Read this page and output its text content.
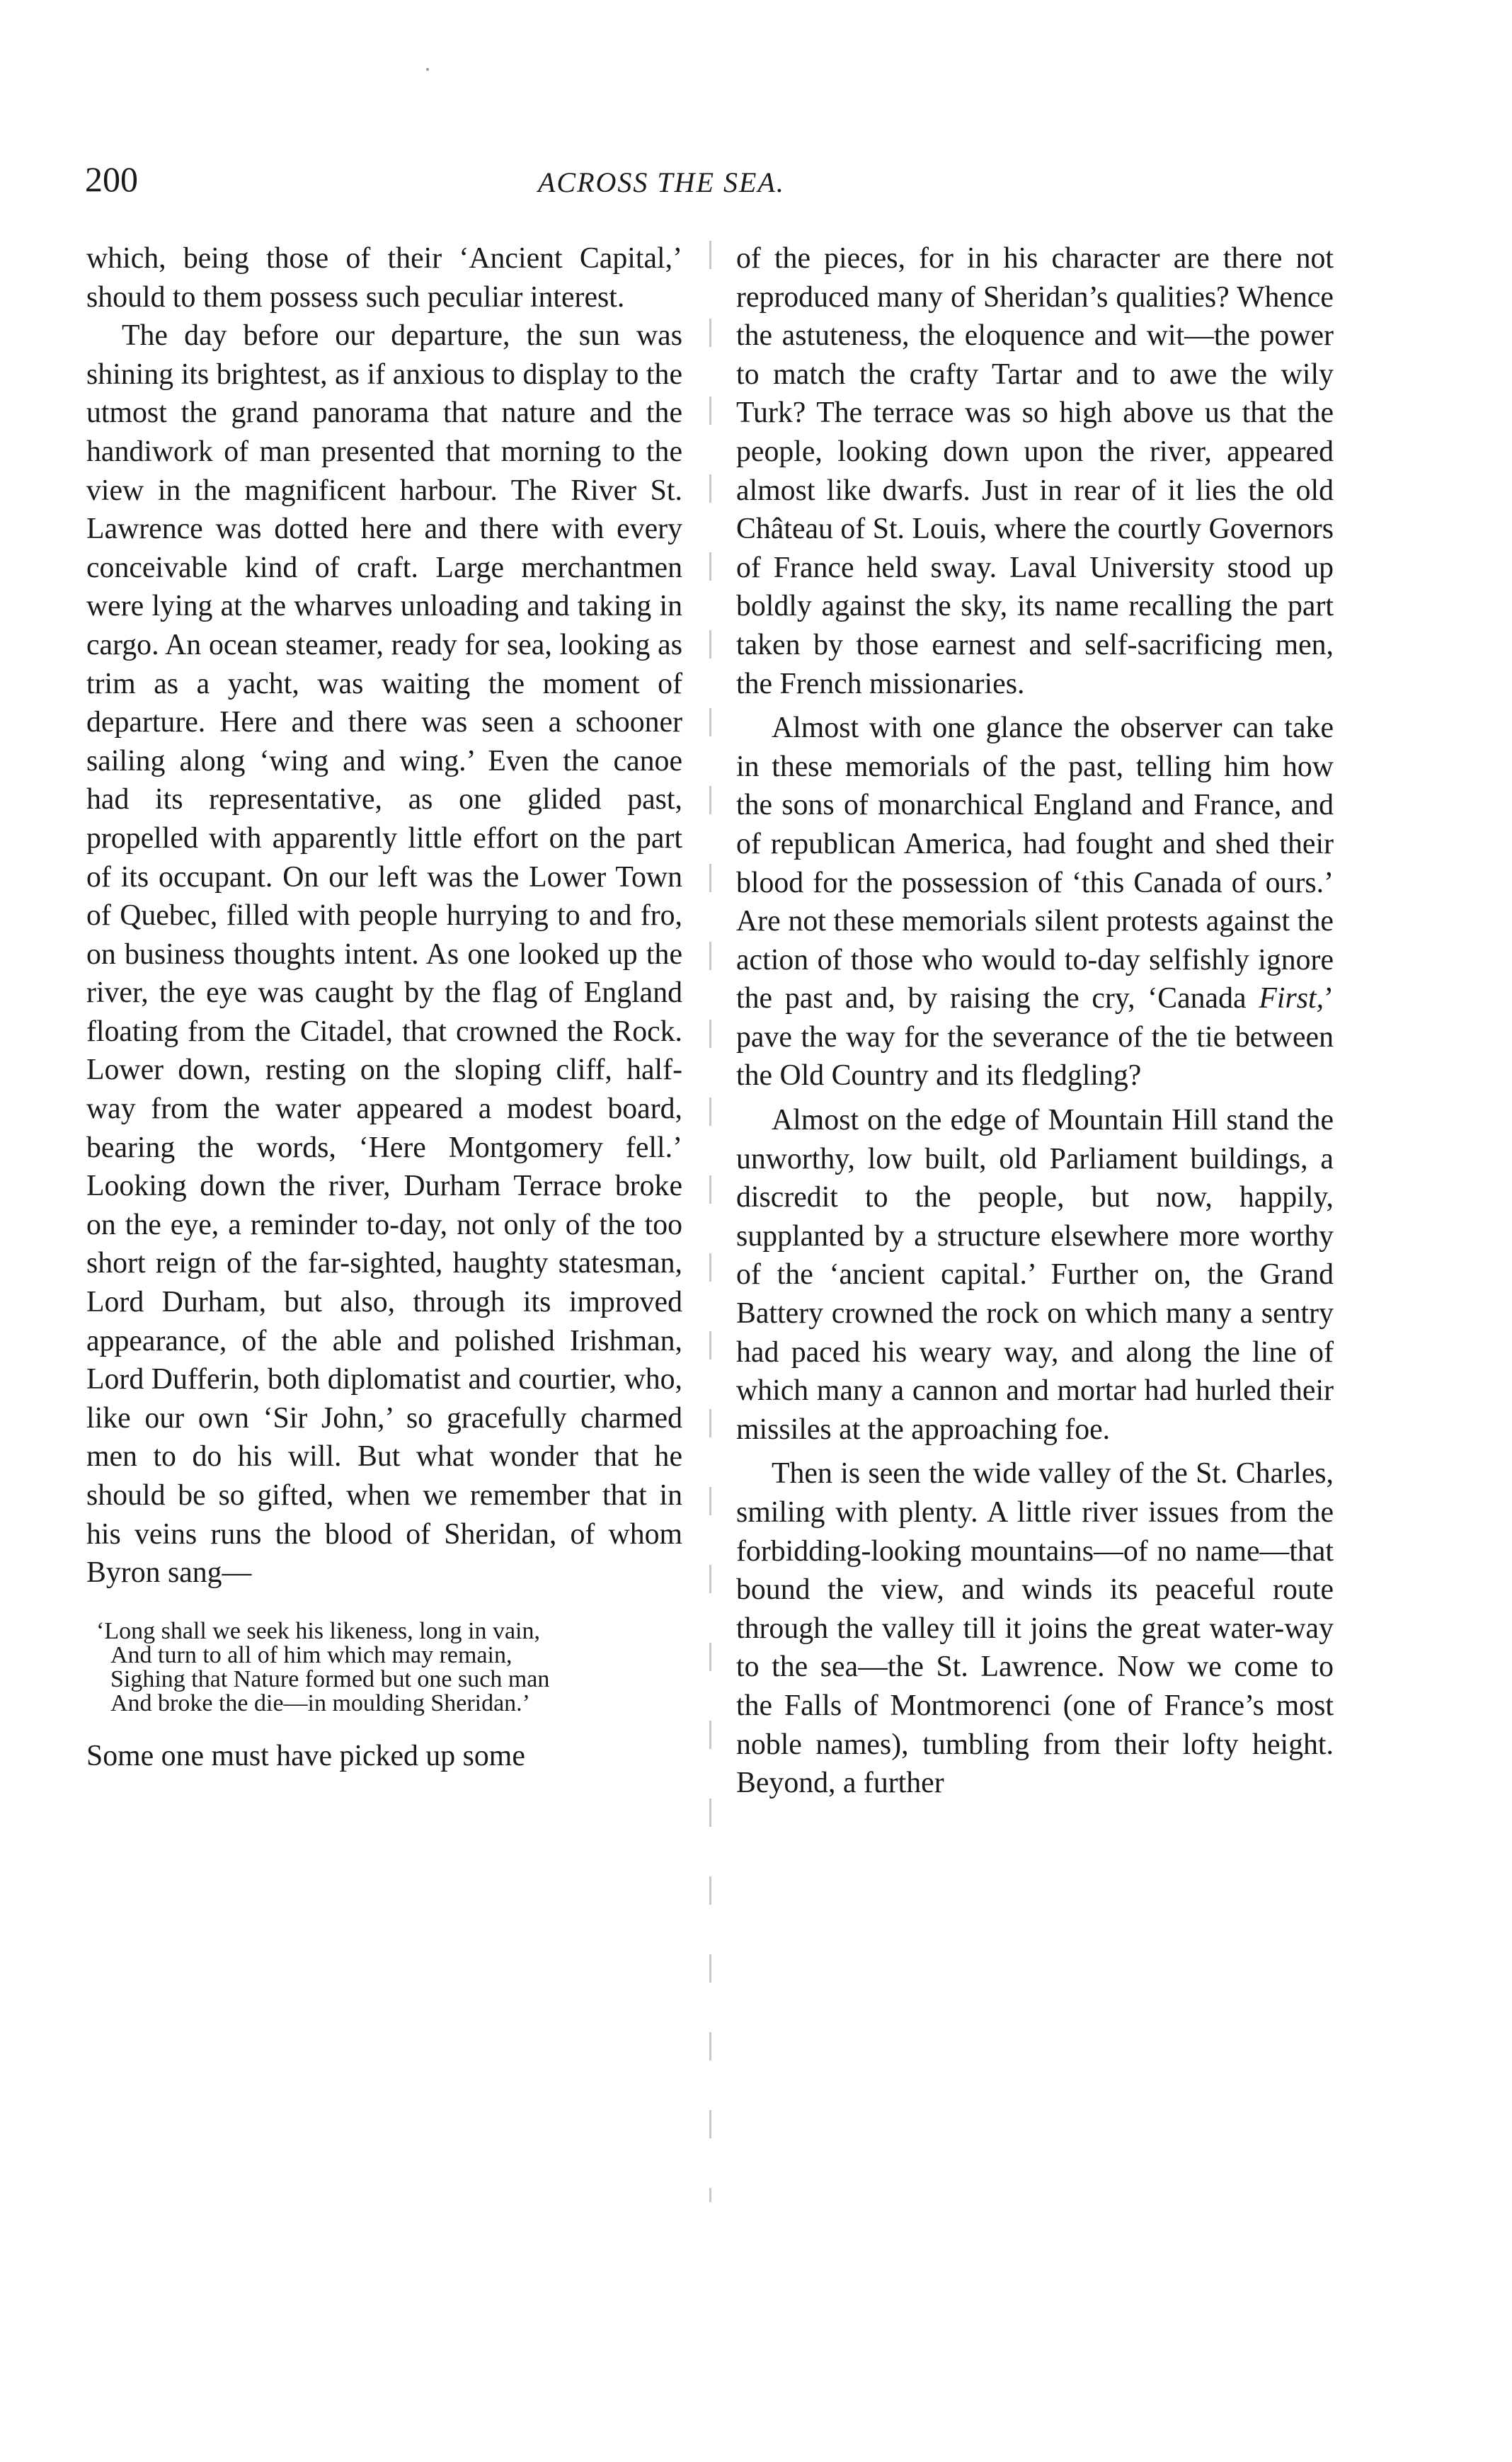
200	ACROSS THE SEA.

which, being those of their ‘Ancient Capital,’ should to them possess such peculiar interest.

The day before our departure, the sun was shining its brightest, as if anxious to display to the utmost the grand panorama that nature and the handiwork of man presented that morning to the view in the magnificent harbour. The River St. Lawrence was dotted here and there with every conceivable kind of craft. Large merchantmen were lying at the wharves unloading and taking in cargo. An ocean steamer, ready for sea, looking as trim as a yacht, was waiting the moment of departure. Here and there was seen a schooner sailing along ‘wing and wing.’ Even the canoe had its representative, as one glided past, propelled with apparently little effort on the part of its occupant. On our left was the Lower Town of Quebec, filled with people hurrying to and fro, on business thoughts intent. As one looked up the river, the eye was caught by the flag of England floating from the Citadel, that crowned the Rock. Lower down, resting on the sloping cliff, half-way from the water appeared a modest board, bearing the words, ‘Here Montgomery fell.’ Looking down the river, Durham Terrace broke on the eye, a reminder to-day, not only of the too short reign of the far-sighted, haughty statesman, Lord Durham, but also, through its improved appearance, of the able and polished Irishman, Lord Dufferin, both diplomatist and courtier, who, like our own ‘Sir John,’ so gracefully charmed men to do his will. But what wonder that he should be so gifted, when we remember that in his veins runs the blood of Sheridan, of whom Byron sang—

‘Long shall we seek his likeness, long in vain,
And turn to all of him which may remain,
Sighing that Nature formed but one such man
And broke the die—in moulding Sheridan.’

Some one must have picked up some

of the pieces, for in his character are there not reproduced many of Sheridan’s qualities? Whence the astuteness, the eloquence and wit—the power to match the crafty Tartar and to awe the wily Turk? The terrace was so high above us that the people, looking down upon the river, appeared almost like dwarfs. Just in rear of it lies the old Château of St. Louis, where the courtly Governors of France held sway. Laval University stood up boldly against the sky, its name recalling the part taken by those earnest and self-sacrificing men, the French missionaries.

Almost with one glance the observer can take in these memorials of the past, telling him how the sons of monarchical England and France, and of republican America, had fought and shed their blood for the possession of ‘this Canada of ours.’ Are not these memorials silent protests against the action of those who would to-day selfishly ignore the past and, by raising the cry, ‘Canada First,’ pave the way for the severance of the tie between the Old Country and its fledgling?

Almost on the edge of Mountain Hill stand the unworthy, low built, old Parliament buildings, a discredit to the people, but now, happily, supplanted by a structure elsewhere more worthy of the ‘ancient capital.’ Further on, the Grand Battery crowned the rock on which many a sentry had paced his weary way, and along the line of which many a cannon and mortar had hurled their missiles at the approaching foe.

Then is seen the wide valley of the St. Charles, smiling with plenty. A little river issues from the forbidding-looking mountains—of no name—that bound the view, and winds its peaceful route through the valley till it joins the great water-way to the sea—the St. Lawrence. Now we come to the Falls of Montmorenci (one of France’s most noble names), tumbling from their lofty height. Beyond, a further
